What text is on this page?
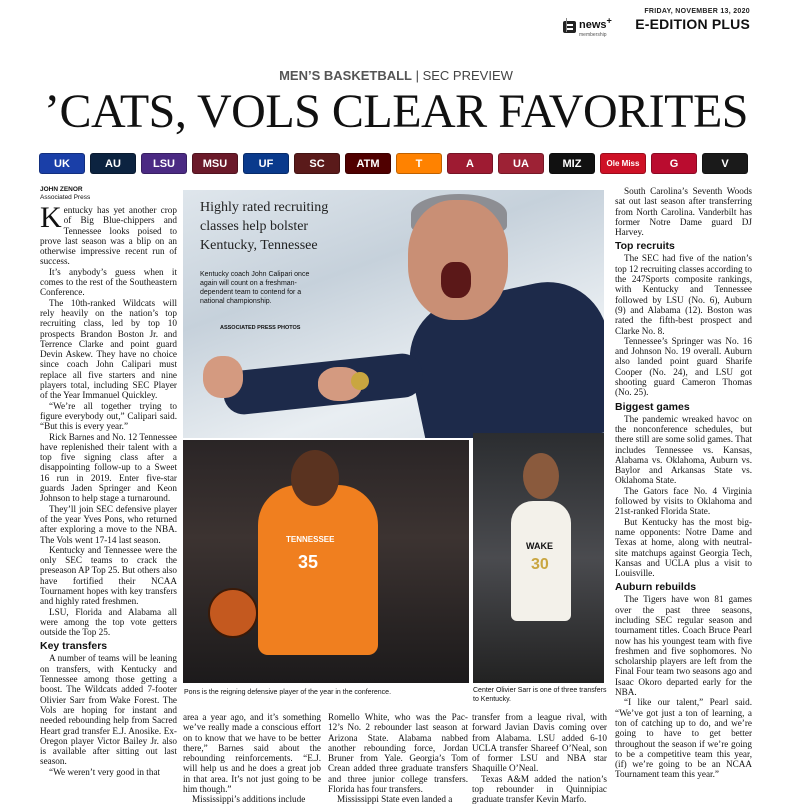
news+
membership
FRIDAY, NOVEMBER 13, 2020
E-EDITION PLUS
MEN’S BASKETBALL | SEC PREVIEW
’CATS, VOLS CLEAR FAVORITES
UK	AU	LSU	MSU	UF	SC	ATM	T	A	UA	MIZ	Ole Miss	G	V
JOHN ZENOR
Associated Press

Kentucky has yet another crop of Big Blue-chippers and Tennessee looks poised to prove last season was a blip on an otherwise impressive recent run of success.

It’s anybody’s guess when it comes to the rest of the Southeastern Conference.

The 10th-ranked Wildcats will rely heavily on the nation’s top recruiting class, led by top 10 prospects Brandon Boston Jr. and Terrence Clarke and point guard Devin Askew. They have no choice since coach John Calipari must replace all five starters and nine players total, including SEC Player of the Year Immanuel Quickley.

“We’re all together trying to figure everybody out,” Calipari said. “But this is every year.”

Rick Barnes and No. 12 Tennessee have replenished their talent with a top five signing class after a disappointing follow-up to a Sweet 16 run in 2019. Enter five-star guards Jaden Springer and Keon Johnson to help stage a turnaround.

They’ll join SEC defensive player of the year Yves Pons, who returned after exploring a move to the NBA. The Vols went 17-14 last season.

Kentucky and Tennessee were the only SEC teams to crack the preseason AP Top 25. But others also have fortified their NCAA Tournament hopes with key transfers and highly rated freshmen.

LSU, Florida and Alabama all were among the top vote getters outside the Top 25.

Key transfers

A number of teams will be leaning on transfers, with Kentucky and Tennessee among those getting a boost. The Wildcats added 7-footer Olivier Sarr from Wake Forest. The Vols are hoping for instant and needed rebounding help from Sacred Heart grad transfer E.J. Anosike. Ex-Oregon player Victor Bailey Jr. also is available after sitting out last season.

“We weren’t very good in that

Highly rated recruiting classes help bolster Kentucky, Tennessee
Kentucky coach John Calipari once again will count on a freshman-dependent team to contend for a national championship.
ASSOCIATED PRESS PHOTOS
TENNESSEE
35
WAKE
30
Pons is the reigning defensive player of the year in the conference.	Center Olivier Sarr is one of three transfers to Kentucky.

area a year ago, and it’s something we’ve really made a conscious effort on to know that we have to be better there,” Barnes said about the rebounding reinforcements. “E.J. will help us and he does a great job in that area. It’s not just going to be him though.”

Mississippi’s additions include

Romello White, who was the Pac-12’s No. 2 rebounder last season at Arizona State. Alabama nabbed another rebounding force, Jordan Bruner from Yale. Georgia’s Tom Crean added three graduate transfers and three junior college transfers. Florida has four transfers.

Mississippi State even landed a

transfer from a league rival, with forward Javian Davis coming over from Alabama. LSU added 6-10 UCLA transfer Shareef O’Neal, son of former LSU and NBA star Shaquille O’Neal.

Texas A&M added the nation’s top rebounder in Quinnipiac graduate transfer Kevin Marfo.

South Carolina’s Seventh Woods sat out last season after transferring from North Carolina. Vanderbilt has former Notre Dame guard DJ Harvey.

Top recruits

The SEC had five of the nation’s top 12 recruiting classes according to the 247Sports composite rankings, with Kentucky and Tennessee followed by LSU (No. 6), Auburn (9) and Alabama (12). Boston was rated the fifth-best prospect and Clarke No. 8.

Tennessee’s Springer was No. 16 and Johnson No. 19 overall. Auburn also landed point guard Sharife Cooper (No. 24), and LSU got shooting guard Cameron Thomas (No. 25).

Biggest games

The pandemic wreaked havoc on the nonconference schedules, but there still are some solid games. That includes Tennessee vs. Kansas, Alabama vs. Oklahoma, Auburn vs. Baylor and Arkansas State vs. Oklahoma State.

The Gators face No. 4 Virginia followed by visits to Oklahoma and 21st-ranked Florida State.

But Kentucky has the most big-name opponents: Notre Dame and Texas at home, along with neutral-site matchups against Georgia Tech, Kansas and UCLA plus a visit to Louisville.

Auburn rebuilds

The Tigers have won 81 games over the past three seasons, including SEC regular season and tournament titles. Coach Bruce Pearl now has his youngest team with five freshmen and five sophomores. No scholarship players are left from the Final Four team two seasons ago and Isaac Okoro departed early for the NBA.

“I like our talent,” Pearl said. “We’ve got just a ton of learning, a ton of catching up to do, and we’re going to have to get better throughout the season if we’re going to be a competitive team this year, (if) we’re going to be an NCAA Tournament team this year.”
